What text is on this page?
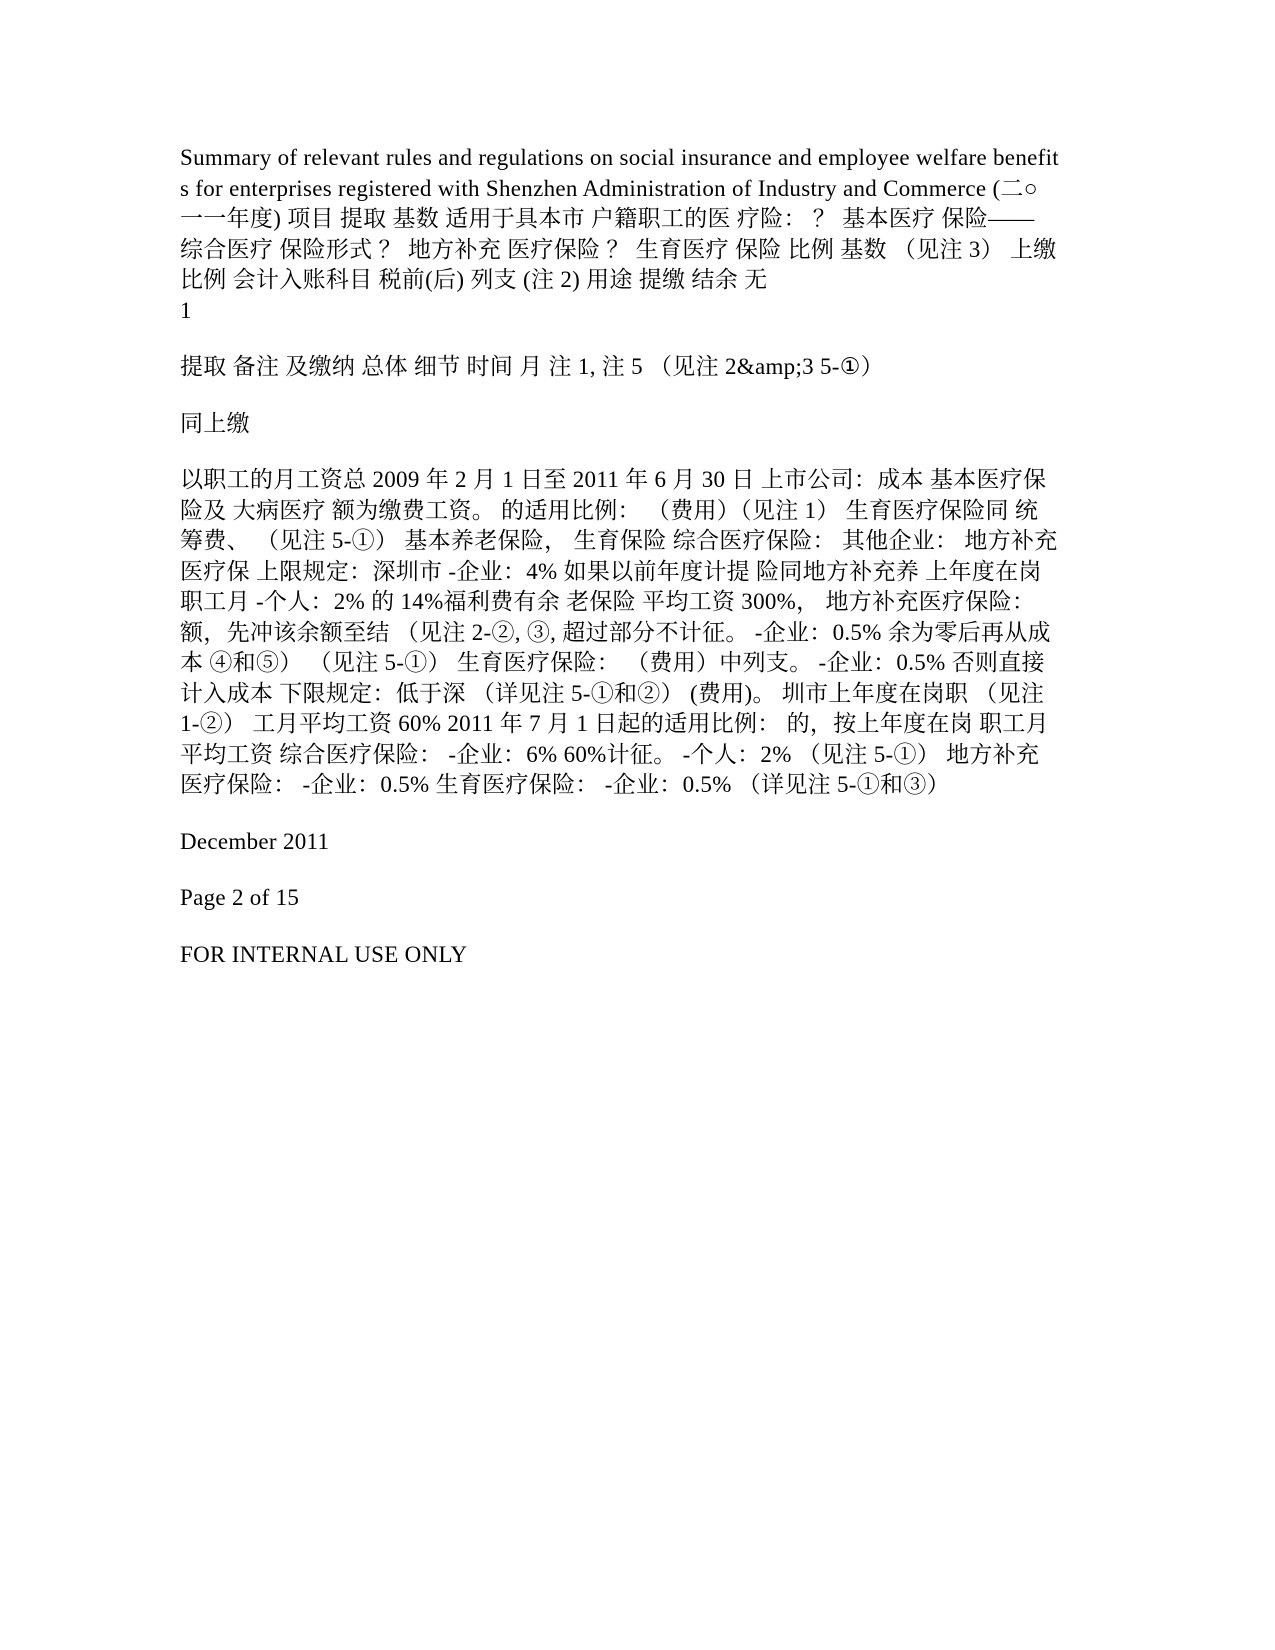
Summary of relevant rules and regulations on social insurance and employee welfare benefits for enterprises registered with Shenzhen Administration of Industry and Commerce (二○一一年度) 项目 提取 基数 适用于具本市 户籍职工的医 疗险： ？ 基本医疗 保险—— 综合医疗 保险形式 ？ 地方补充 医疗保险 ？ 生育医疗 保险 比例 基数 （见注 3） 上缴 比例 会计入账科目 税前(后) 列支 (注 2) 用途 提缴 结余 无

1

提取 备注 及缴纳 总体 细节 时间 月 注 1, 注 5 （见注 2&amp;3 5-①）

同上缴

以职工的月工资总 2009 年 2 月 1 日至 2011 年 6 月 30 日 上市公司：成本 基本医疗保险及 大病医疗 额为缴费工资。 的适用比例： （费用）（见注 1） 生育医疗保险同 统筹费、 （见注 5-①） 基本养老保险， 生育保险 综合医疗保险： 其他企业： 地方补充医疗保 上限规定：深圳市 -企业：4% 如果以前年度计提 险同地方补充养 上年度在岗职工月 -个人：2% 的 14%福利费有余 老保险 平均工资 300%， 地方补充医疗保险： 额，先冲该余额至结 （见注 2-②, ③, 超过部分不计征。 -企业：0.5% 余为零后再从成本 ④和⑤） （见注 5-①） 生育医疗保险： （费用）中列支。 -企业：0.5% 否则直接计入成本 下限规定：低于深 （详见注 5-①和②） (费用)。 圳市上年度在岗职 （见注 1-②） 工月平均工资 60% 2011 年 7 月 1 日起的适用比例： 的，按上年度在岗 职工月平均工资 综合医疗保险： -企业：6% 60%计征。 -个人：2% （见注 5-①） 地方补充医疗保险： -企业：0.5% 生育医疗保险： -企业：0.5% （详见注 5-①和③）

December 2011

Page 2 of 15

FOR INTERNAL USE ONLY
